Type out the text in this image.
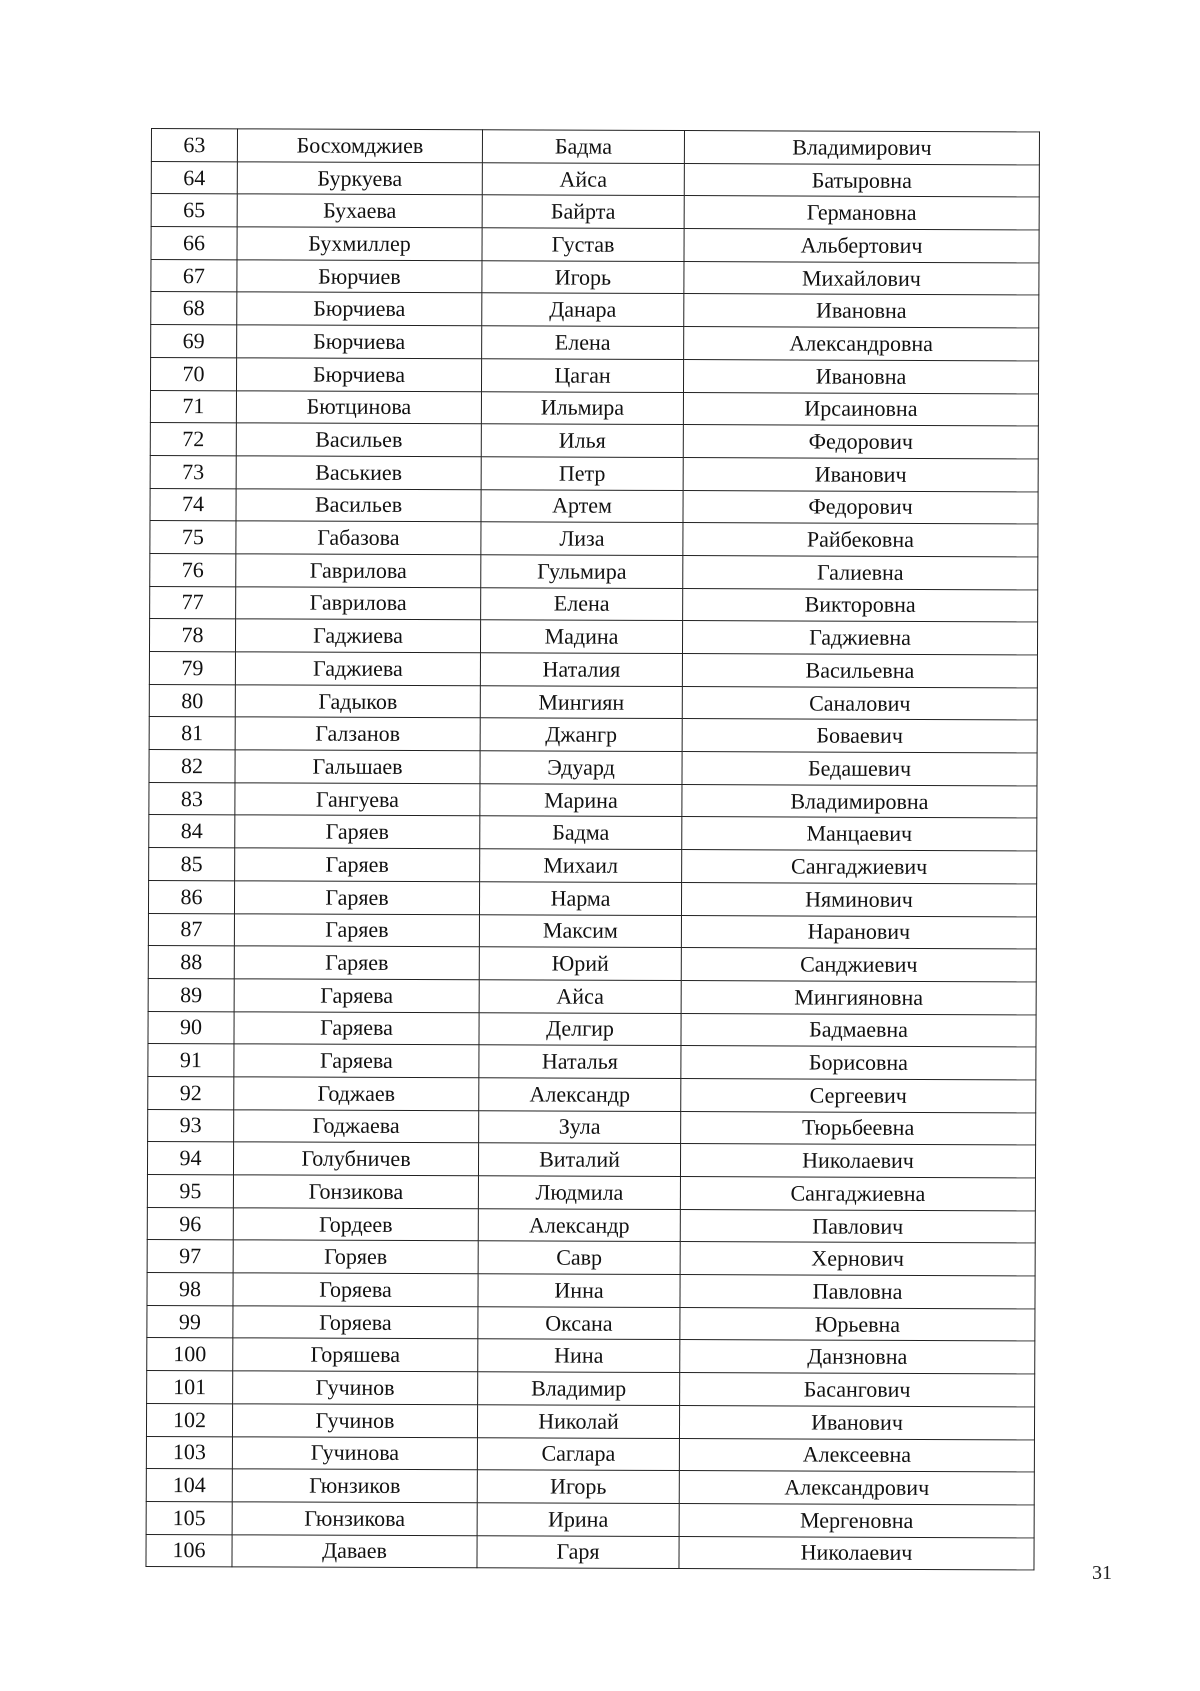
63	Босхомджиев	Бадма	Владимирович
64	Буркуева	Айса	Батыровна
65	Бухаева	Байрта	Германовна
66	Бухмиллер	Густав	Альбертович
67	Бюрчиев	Игорь	Михайлович
68	Бюрчиева	Данара	Ивановна
69	Бюрчиева	Елена	Александровна
70	Бюрчиева	Цаган	Ивановна
71	Бютцинова	Ильмира	Ирсаиновна
72	Васильев	Илья	Федорович
73	Васькиев	Петр	Иванович
74	Васильев	Артем	Федорович
75	Габазова	Лиза	Райбековна
76	Гаврилова	Гульмира	Галиевна
77	Гаврилова	Елена	Викторовна
78	Гаджиева	Мадина	Гаджиевна
79	Гаджиева	Наталия	Васильевна
80	Гадыков	Мингиян	Саналович
81	Галзанов	Джангр	Боваевич
82	Гальшаев	Эдуард	Бедашевич
83	Гангуева	Марина	Владимировна
84	Гаряев	Бадма	Манцаевич
85	Гаряев	Михаил	Сангаджиевич
86	Гаряев	Нарма	Няминович
87	Гаряев	Максим	Наранович
88	Гаряев	Юрий	Санджиевич
89	Гаряева	Айса	Мингияновна
90	Гаряева	Делгир	Бадмаевна
91	Гаряева	Наталья	Борисовна
92	Годжаев	Александр	Сергеевич
93	Годжаева	Зула	Тюрьбеевна
94	Голубничев	Виталий	Николаевич
95	Гонзикова	Людмила	Сангаджиевна
96	Гордеев	Александр	Павлович
97	Горяев	Савр	Хернович
98	Горяева	Инна	Павловна
99	Горяева	Оксана	Юрьевна
100	Горяшева	Нина	Данзновна
101	Гучинов	Владимир	Басангович
102	Гучинов	Николай	Иванович
103	Гучинова	Саглара	Алексеевна
104	Гюнзиков	Игорь	Александрович
105	Гюнзикова	Ирина	Мергеновна
106	Даваев	Гаря	Николаевич
31
